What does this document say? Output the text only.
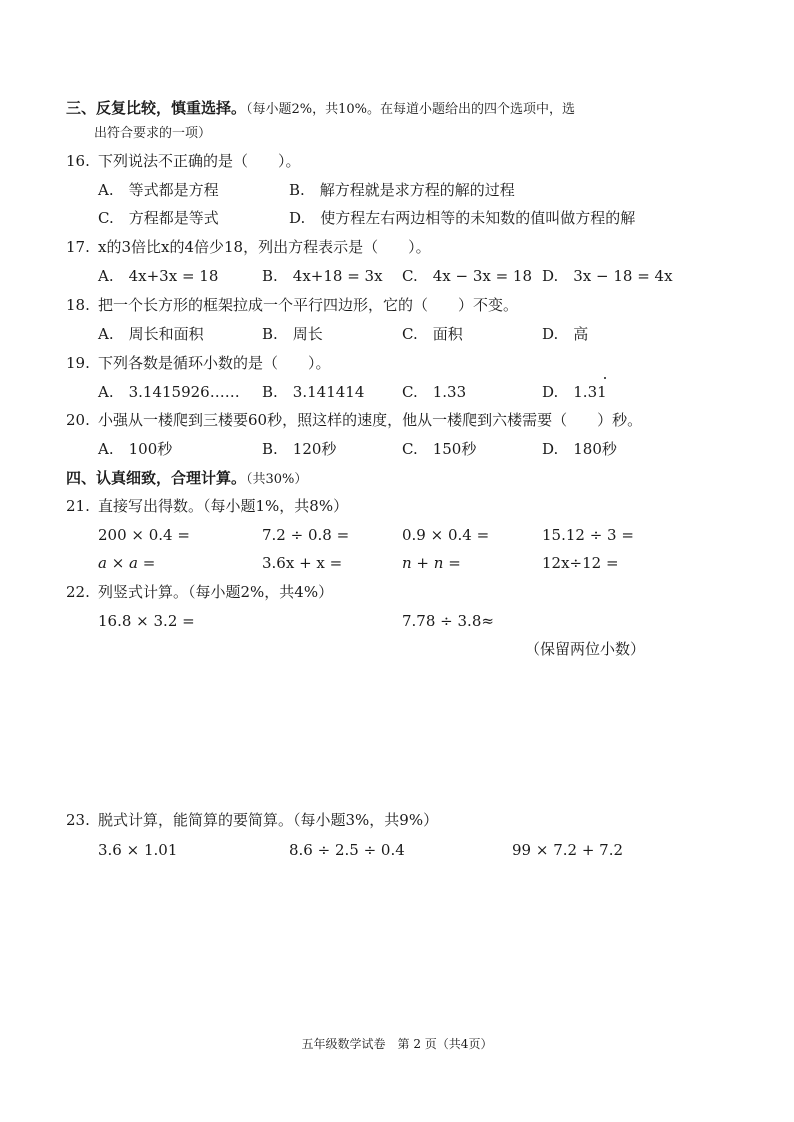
三、反复比较，慎重选择。（每小题2%，共10%。在每道小题给出的四个选项中，选
出符合要求的一项）
16. 下列说法不正确的是（　　）。
A.　等式都是方程	B.　解方程就是求方程的解的过程
C.　方程都是等式	D.　使方程左右两边相等的未知数的值叫做方程的解
17. x的3倍比x的4倍少18，列出方程表示是（　　）。
A.　4x+3x = 18	B.　4x+18 = 3x C.　4x − 3x = 18 D.　3x − 18 = 4x
18. 把一个长方形的框架拉成一个平行四边形，它的（　　）不变。
A.　周长和面积	B.　周长	C.　面积	D.　高
19. 下列各数是循环小数的是（　　）。
A.　3.1415926…… B.　3.141414	C.　1.33	D.　1.31
20. 小强从一楼爬到三楼要60秒，照这样的速度，他从一楼爬到六楼需要（　　）秒。
A.　100秒	B.　120秒	C.　150秒	D.　180秒
四、认真细致，合理计算。（共30%）
21. 直接写出得数。（每小题1%，共8%）
200 × 0.4 =	7.2 ÷ 0.8 =	0.9 × 0.4 =	15.12 ÷ 3 =
a × a =	3.6x + x =	n + n =	12x÷12 =
22. 列竖式计算。（每小题2%，共4%）
16.8 × 3.2 =	7.78 ÷ 3.8≈
（保留两位小数）
23. 脱式计算，能简算的要简算。（每小题3%，共9%）
3.6 × 1.01	8.6 ÷ 2.5 ÷ 0.4	99 × 7.2 + 7.2
五年级数学试卷　第 2 页（共4页）
